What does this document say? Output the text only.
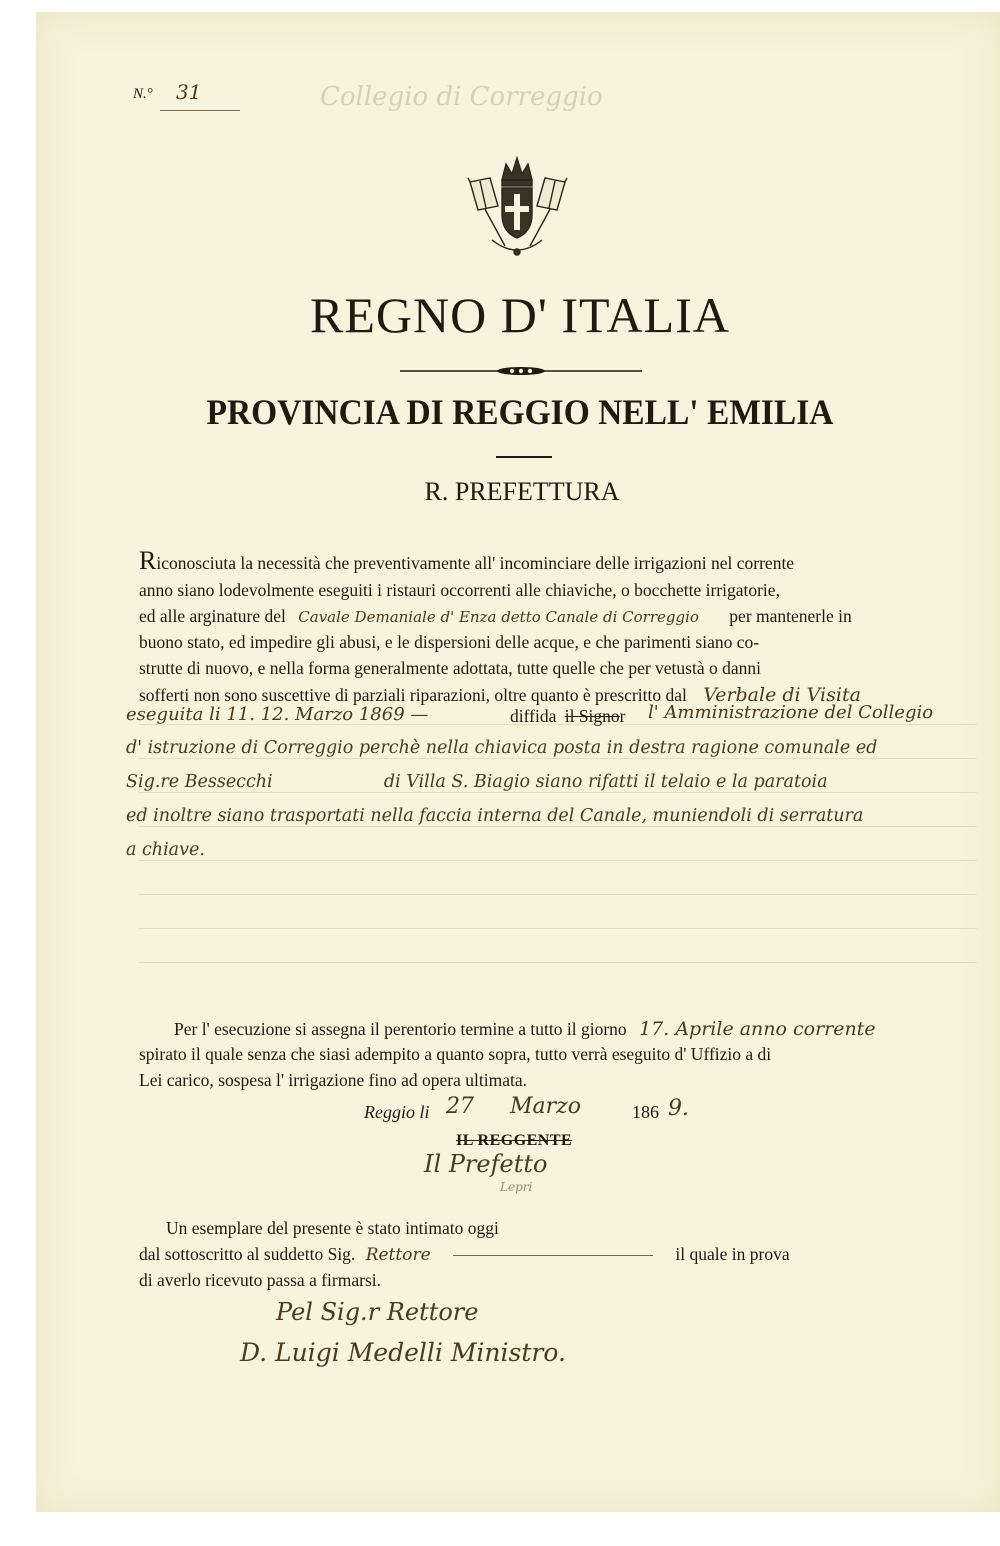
N.° 31	Collegio di Correggio
REGNO D' ITALIA
PROVINCIA DI REGGIO NELL' EMILIA
R. PREFETTURA
Riconosciuta la necessità che preventivamente all' incominciare delle irrigazioni nel corrente
anno siano lodevolmente eseguiti i ristauri occorrenti alle chiaviche, o bocchette irrigatorie,
ed alle arginature del Cavale Demaniale d' Enza detto Canale di Correggio per mantenerle in
buono stato, ed impedire gli abusi, e le dispersioni delle acque, e che parimenti siano co-
strutte di nuovo, e nella forma generalmente adottata, tutte quelle che per vetustà o danni
sofferti non sono suscettive di parziali riparazioni, oltre quanto è prescritto dal Verbale di Visita
eseguita li 11. 12. Marzo 1869 —	diffida il Signor l' Amministrazione del Collegio
d' istruzione di Correggio perchè nella chiavica posta in destra ragione comunale ed
Sig.re Bessecchi                    di Villa S. Biagio siano rifatti il telaio e la paratoia
ed inoltre siano trasportati nella faccia interna del Canale, muniendoli di serratura
a chiave.
Per l' esecuzione si assegna il perentorio termine a tutto il giorno 17. Aprile anno corrente
spirato il quale senza che siasi adempito a quanto sopra, tutto verrà eseguito d' Uffizio a di
Lei carico, sospesa l' irrigazione fino ad opera ultimata.
Reggio li 27 Marzo	186 9.
IL REGGENTE
Il Prefetto
Lepri
Un esemplare del presente è stato intimato oggi
dal sottoscritto al suddetto Sig. Rettore	il quale in prova
di averlo ricevuto passa a firmarsi.
Pel Sig.r Rettore
D. Luigi Medelli Ministro.
